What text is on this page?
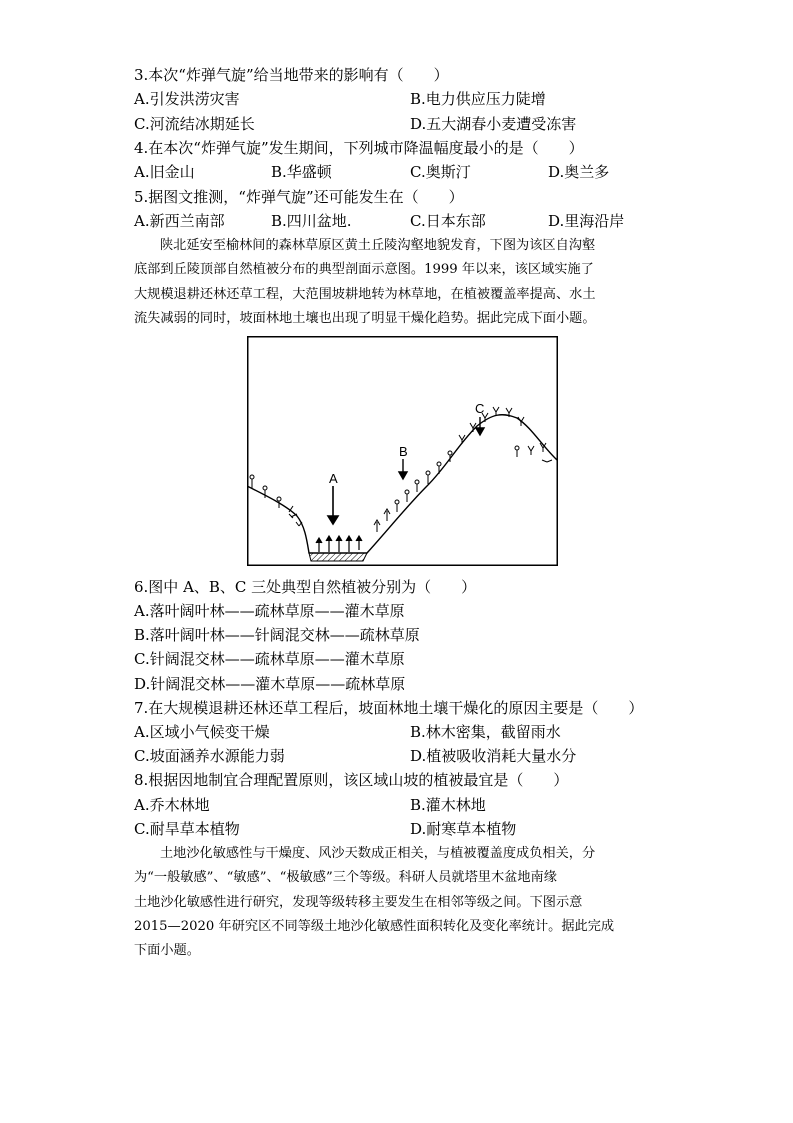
3.本次“炸弹气旋”给当地带来的影响有（　　）
A.引发洪涝灾害	B.电力供应压力陡增
C.河流结冰期延长	D.五大湖春小麦遭受冻害
4.在本次“炸弹气旋”发生期间，下列城市降温幅度最小的是（　　）
A.旧金山	B.华盛顿	C.奥斯汀	D.奥兰多
5.据图文推测，“炸弹气旋”还可能发生在（　　）
A.新西兰南部	B.四川盆地.	C.日本东部	D.里海沿岸
陕北延安至榆林间的森林草原区黄土丘陵沟壑地貌发育，下图为该区自沟壑
底部到丘陵顶部自然植被分布的典型剖面示意图。1999 年以来，该区域实施了
大规模退耕还林还草工程，大范围坡耕地转为林草地，在植被覆盖率提高、水土
流失减弱的同时，坡面林地土壤也出现了明显干燥化趋势。据此完成下面小题。
A
B
C
6.图中 A、B、C 三处典型自然植被分别为（　　）
A.落叶阔叶林——疏林草原——灌木草原
B.落叶阔叶林——针阔混交林——疏林草原
C.针阔混交林——疏林草原——灌木草原
D.针阔混交林——灌木草原——疏林草原
7.在大规模退耕还林还草工程后，坡面林地土壤干燥化的原因主要是（　　）
A.区域小气候变干燥	B.林木密集，截留雨水
C.坡面涵养水源能力弱	D.植被吸收消耗大量水分
8.根据因地制宜合理配置原则，该区域山坡的植被最宜是（　　）
A.乔木林地	B.灌木林地
C.耐旱草本植物	D.耐寒草本植物
土地沙化敏感性与干燥度、风沙天数成正相关，与植被覆盖度成负相关，分
为“一般敏感”、“敏感”、“极敏感”三个等级。科研人员就塔里木盆地南缘
土地沙化敏感性进行研究，发现等级转移主要发生在相邻等级之间。下图示意
2015—2020 年研究区不同等级土地沙化敏感性面积转化及变化率统计。据此完成
下面小题。
